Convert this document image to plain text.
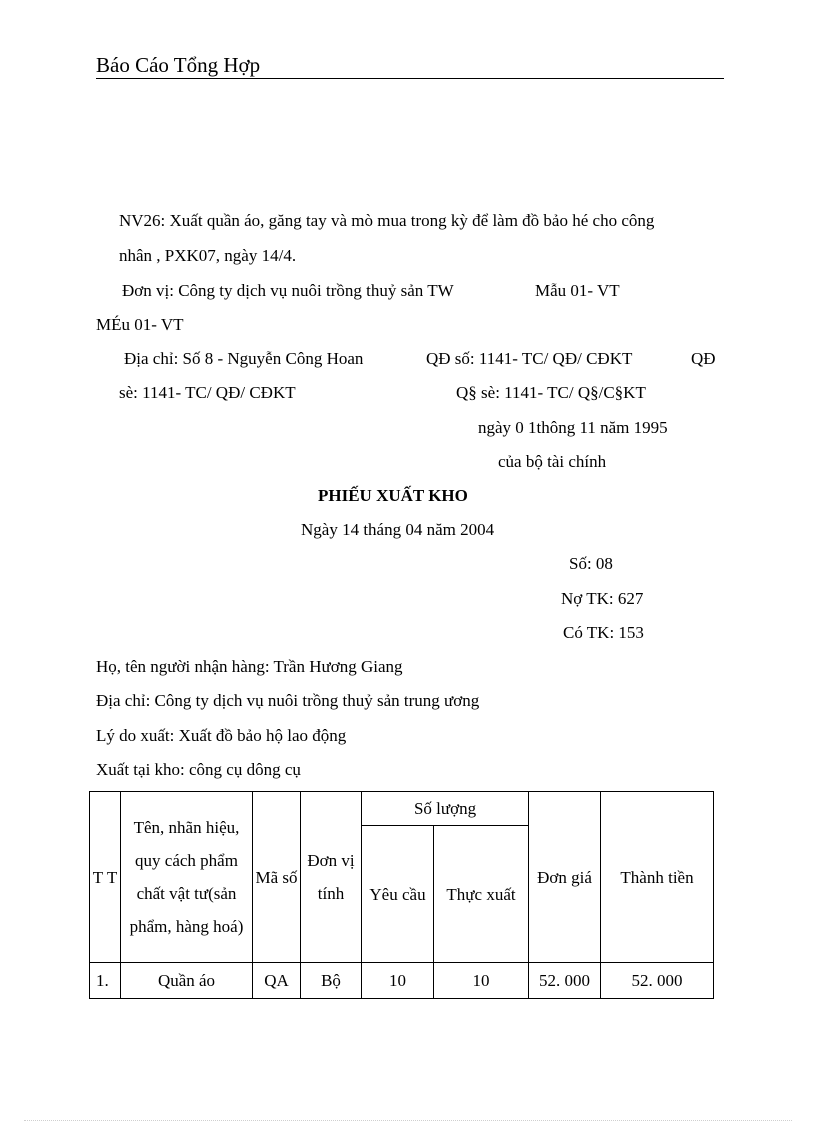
Báo Cáo Tổng Hợp
NV26: Xuất quần áo, găng tay và mò mua trong kỳ để làm đồ bảo hé cho công
nhân , PXK07, ngày 14/4.
Đơn vị: Công ty dịch vụ nuôi trồng thuỷ sản TW	Mẫu 01- VT
MÉu 01- VT
Địa chỉ: Số 8 - Nguyễn Công Hoan	QĐ số: 1141- TC/ QĐ/ CĐKT	QĐ
sè: 1141- TC/ QĐ/ CĐKT	Q§ sè: 1141- TC/ Q§/C§KT
ngày 0 1thông 11 năm 1995
của bộ tài chính
PHIẾU XUẤT KHO
Ngày 14 tháng 04 năm 2004
Số: 08
Nợ TK: 627
Có TK: 153
Họ, tên người nhận hàng: Trần Hương Giang
Địa chỉ: Công ty dịch vụ nuôi trồng thuỷ sản trung ương
Lý do xuất: Xuất đồ bảo hộ lao động
Xuất tại kho: công cụ dông cụ
T T	Tên, nhãn hiệu, quy cách phẩm chất vật tư(sản phẩm, hàng hoá)	Mã số	Đơn vị tính	Số lượng		Đơn giá	Thành tiền
				Yêu cầu	Thực xuất		
1.	Quần áo	QA	Bộ	10	10	52. 000	52. 000
